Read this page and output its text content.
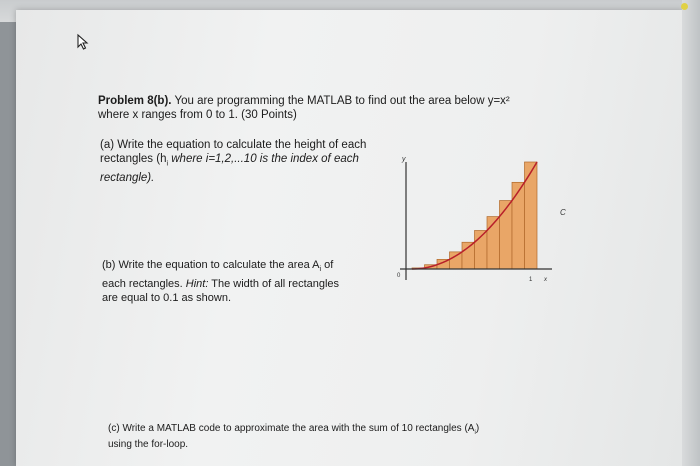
Problem 8(b). You are programming the MATLAB to find out the area below y=x²
where x ranges from 0 to 1. (30 Points)
(a) Write the equation to calculate the height of each
rectangles ($h_i$ where i=1,2,...10 is the index of each
rectangle).
(b) Write the equation to calculate the area $A_i$ of
each rectangles. Hint: The width of all rectangles
are equal to 0.1 as shown.
(c) Write a MATLAB code to approximate the area with the sum of 10 rectangles $(A_i)$
using the for-loop.
y
0
1 x
C
